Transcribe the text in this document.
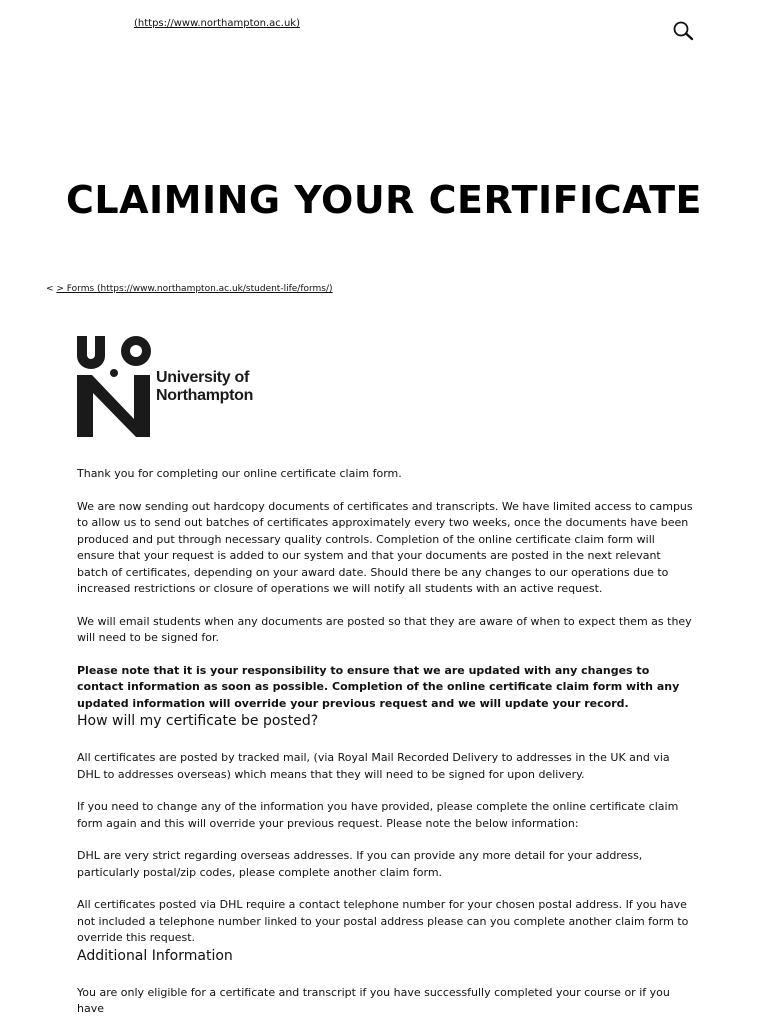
(https://www.northampton.ac.uk)
CLAIMING YOUR CERTIFICATE
< > Forms (https://www.northampton.ac.uk/student-life/forms/)
University of
Northampton

Thank you for completing our online certificate claim form.

We are now sending out hardcopy documents of certificates and transcripts. We have limited access to campus to allow us to send out batches of certificates approximately every two weeks, once the documents have been produced and put through necessary quality controls. Completion of the online certificate claim form will ensure that your request is added to our system and that your documents are posted in the next relevant batch of certificates, depending on your award date. Should there be any changes to our operations due to increased restrictions or closure of operations we will notify all students with an active request.

We will email students when any documents are posted so that they are aware of when to expect them as they will need to be signed for.

Please note that it is your responsibility to ensure that we are updated with any changes to contact information as soon as possible. Completion of the online certificate claim form with any updated information will override your previous request and we will update your record.

How will my certificate be posted?

All certificates are posted by tracked mail, (via Royal Mail Recorded Delivery to addresses in the UK and via DHL to addresses overseas) which means that they will need to be signed for upon delivery.

If you need to change any of the information you have provided, please complete the online certificate claim form again and this will override your previous request. Please note the below information:

DHL are very strict regarding overseas addresses. If you can provide any more detail for your address, particularly postal/zip codes, please complete another claim form.

All certificates posted via DHL require a contact telephone number for your chosen postal address. If you have not included a telephone number linked to your postal address please can you complete another claim form to override this request.

Additional Information

You are only eligible for a certificate and transcript if you have successfully completed your course or if you have
